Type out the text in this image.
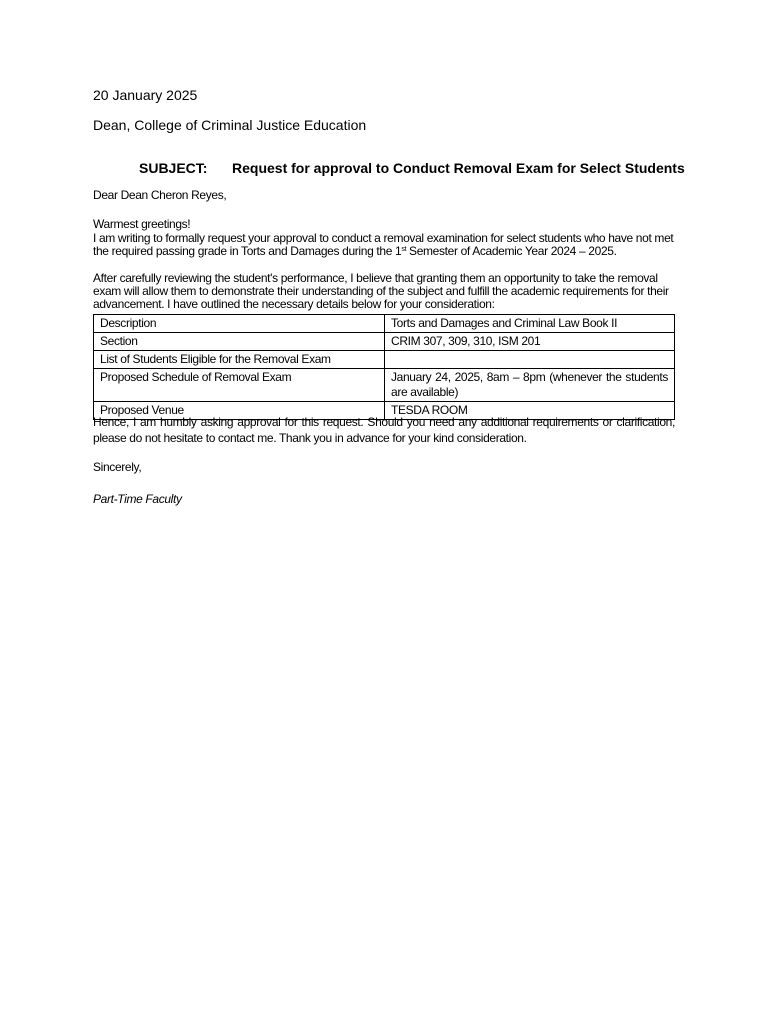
20 January 2025
Dean, College of Criminal Justice Education
SUBJECT: Request for approval to Conduct Removal Exam for Select Students
Dear Dean Cheron Reyes,
Warmest greetings!
I am writing to formally request your approval to conduct a removal examination for select students who have not met the required passing grade in Torts and Damages during the 1st Semester of Academic Year 2024 – 2025.
After carefully reviewing the student's performance, I believe that granting them an opportunity to take the removal exam will allow them to demonstrate their understanding of the subject and fulfill the academic requirements for their advancement. I have outlined the necessary details below for your consideration:
Description	Torts and Damages and Criminal Law Book II
Section	CRIM 307, 309, 310, ISM 201
List of Students Eligible for the Removal Exam	
Proposed Schedule of Removal Exam	January 24, 2025, 8am – 8pm (whenever the students are available)
Proposed Venue	TESDA ROOM
Hence, I am humbly asking approval for this request. Should you need any additional requirements or clarification, please do not hesitate to contact me. Thank you in advance for your kind consideration.
Sincerely,
Part-Time Faculty
